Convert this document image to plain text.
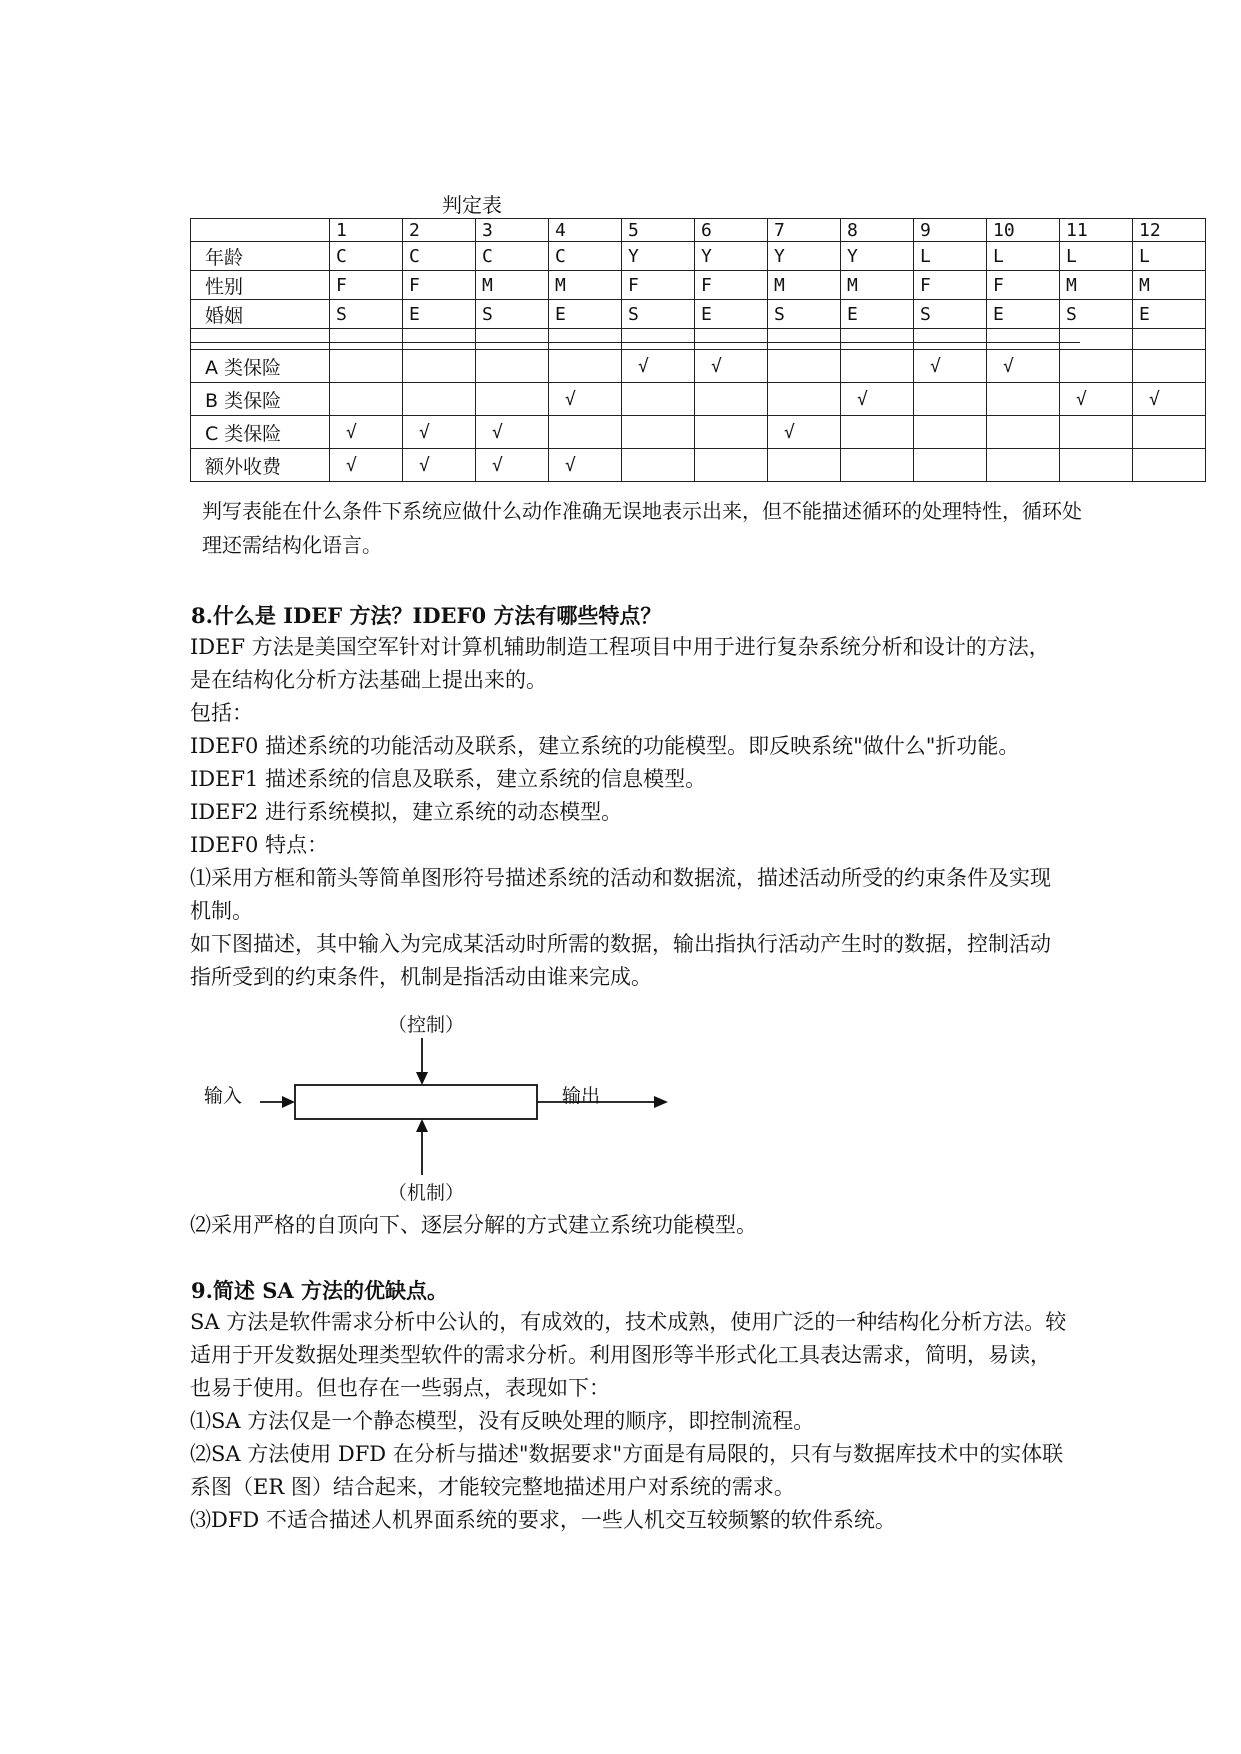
判定表
	1	2	3	4	5	6	7	8	9	10	11	12
年龄	C	C	C	C	Y	Y	Y	Y	L	L	L	L
性别	F	F	M	M	F	F	M	M	F	F	M	M
婚姻	S	E	S	E	S	E	S	E	S	E	S	E

A 类保险					√	√			√	√		
B 类保险				√				√			√	√
C 类保险	√	√	√				√					
额外收费	√	√	√	√								
判写表能在什么条件下系统应做什么动作准确无误地表示出来，但不能描述循环的处理特性，循环处理还需结构化语言。
8.什么是 IDEF 方法？IDEF0 方法有哪些特点？

IDEF 方法是美国空军针对计算机辅助制造工程项目中用于进行复杂系统分析和设计的方法，是在结构化分析方法基础上提出来的。

包括：

IDEF0 描述系统的功能活动及联系，建立系统的功能模型。即反映系统"做什么"折功能。

IDEF1 描述系统的信息及联系，建立系统的信息模型。

IDEF2 进行系统模拟，建立系统的动态模型。

IDEF0 特点：

⑴采用方框和箭头等简单图形符号描述系统的活动和数据流，描述活动所受的约束条件及实现机制。

如下图描述，其中输入为完成某活动时所需的数据，输出指执行活动产生时的数据，控制活动指所受到的约束条件，机制是指活动由谁来完成。

（控制）
输入	输出
（机制）

⑵采用严格的自顶向下、逐层分解的方式建立系统功能模型。

9.简述 SA 方法的优缺点。

SA 方法是软件需求分析中公认的，有成效的，技术成熟，使用广泛的一种结构化分析方法。较适用于开发数据处理类型软件的需求分析。利用图形等半形式化工具表达需求，简明，易读，也易于使用。但也存在一些弱点，表现如下：

⑴SA 方法仅是一个静态模型，没有反映处理的顺序，即控制流程。

⑵SA 方法使用 DFD 在分析与描述"数据要求"方面是有局限的，只有与数据库技术中的实体联系图（ER 图）结合起来，才能较完整地描述用户对系统的需求。

⑶DFD 不适合描述人机界面系统的要求，一些人机交互较频繁的软件系统。
